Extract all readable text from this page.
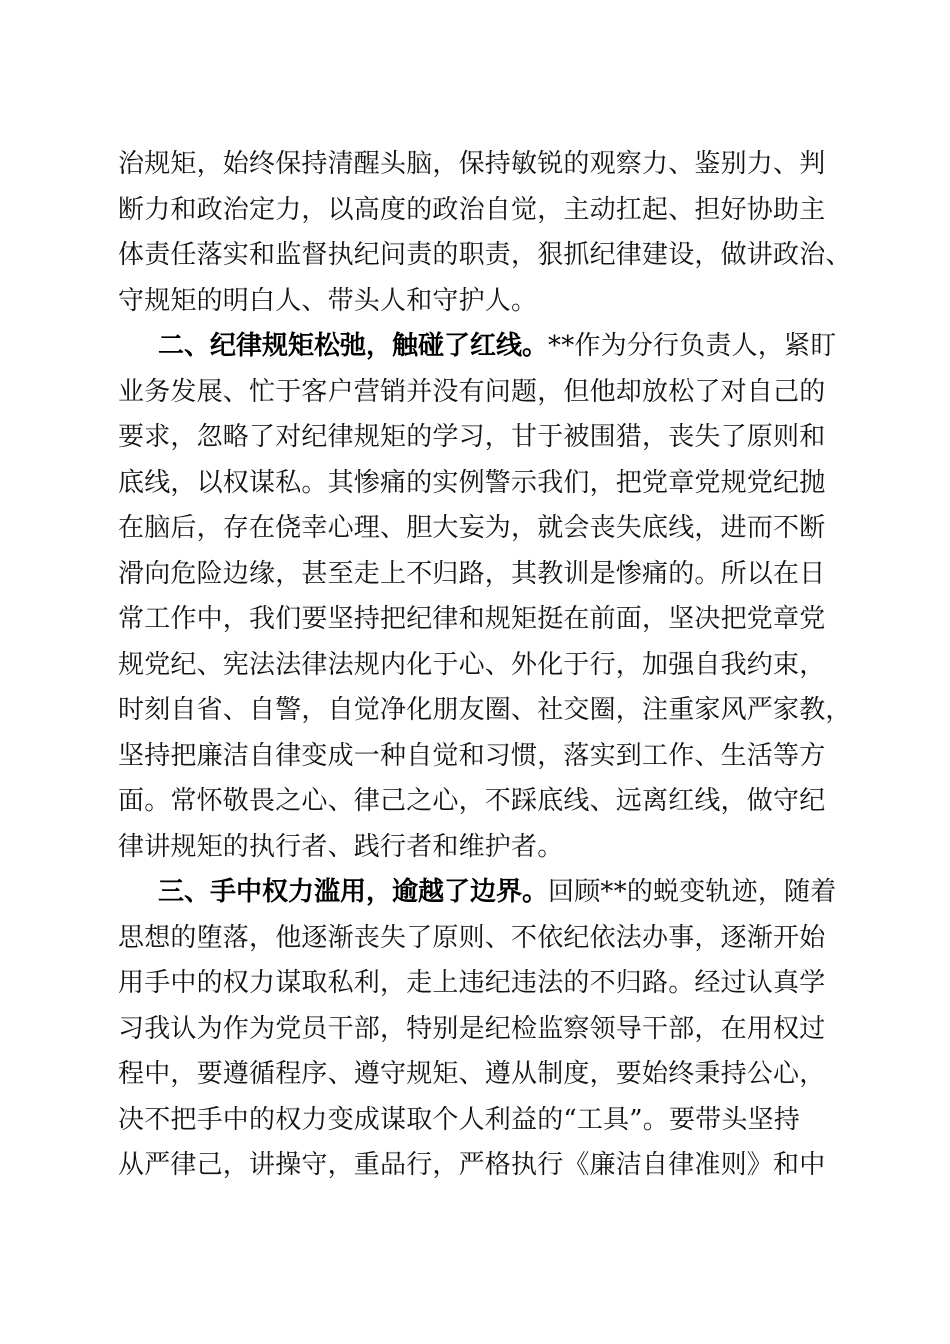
治规矩，始终保持清醒头脑，保持敏锐的观察力、鉴别力、判
断力和政治定力，以高度的政治自觉，主动扛起、担好协助主
体责任落实和监督执纪问责的职责，狠抓纪律建设，做讲政治、
守规矩的明白人、带头人和守护人。
二、纪律规矩松弛，触碰了红线。**作为分行负责人，紧盯
业务发展、忙于客户营销并没有问题，但他却放松了对自己的
要求，忽略了对纪律规矩的学习，甘于被围猎，丧失了原则和
底线，以权谋私。其惨痛的实例警示我们，把党章党规党纪抛
在脑后，存在侥幸心理、胆大妄为，就会丧失底线，进而不断
滑向危险边缘，甚至走上不归路，其教训是惨痛的。所以在日
常工作中，我们要坚持把纪律和规矩挺在前面，坚决把党章党
规党纪、宪法法律法规内化于心、外化于行，加强自我约束，
时刻自省、自警，自觉净化朋友圈、社交圈，注重家风严家教，
坚持把廉洁自律变成一种自觉和习惯，落实到工作、生活等方
面。常怀敬畏之心、律己之心，不踩底线、远离红线，做守纪
律讲规矩的执行者、践行者和维护者。
三、手中权力滥用，逾越了边界。回顾**的蜕变轨迹，随着
思想的堕落，他逐渐丧失了原则、不依纪依法办事，逐渐开始
用手中的权力谋取私利，走上违纪违法的不归路。经过认真学
习我认为作为党员干部，特别是纪检监察领导干部，在用权过
程中，要遵循程序、遵守规矩、遵从制度，要始终秉持公心，
决不把手中的权力变成谋取个人利益的“工具”。要带头坚持
从严律己，讲操守，重品行，严格执行《廉洁自律准则》和中
